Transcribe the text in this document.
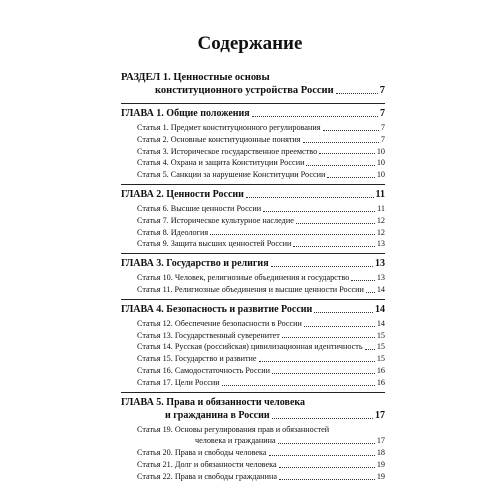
Содержание
РАЗДЕЛ 1. Ценностные основы
конституционного устройства России	7
ГЛАВА 1. Общие положения	7
Статья 1. Предмет конституционного регулирования	7
Статья 2. Основные конституционные понятия	7
Статья 3. Историческое государственное преемство	10
Статья 4. Охрана и защита Конституции России	10
Статья 5. Санкции за нарушение Конституции России	10
ГЛАВА 2. Ценности России	11
Статья 6. Высшие ценности России	11
Статья 7. Историческое культурное наследие	12
Статья 8. Идеология	12
Статья 9. Защита высших ценностей России	13
ГЛАВА 3. Государство и религия	13
Статья 10. Человек, религиозные объединения и государство	13
Статья 11. Религиозные объединения и высшие ценности России 14
ГЛАВА 4. Безопасность и развитие России	14
Статья 12. Обеспечение безопасности в России	14
Статья 13. Государственный суверенитет	15
Статья 14. Русская (российская) цивилизационная идентичность 15
Статья 15. Государство и развитие	15
Статья 16. Самодостаточность России	16
Статья 17. Цели России	16
ГЛАВА 5. Права и обязанности человека
и гражданина в России	17
Статья 19. Основы регулирования прав и обязанностей
человека и гражданина	17
Статья 20. Права и свободы человека	18
Статья 21. Долг и обязанности человека	19
Статья 22. Права и свободы гражданина	19
